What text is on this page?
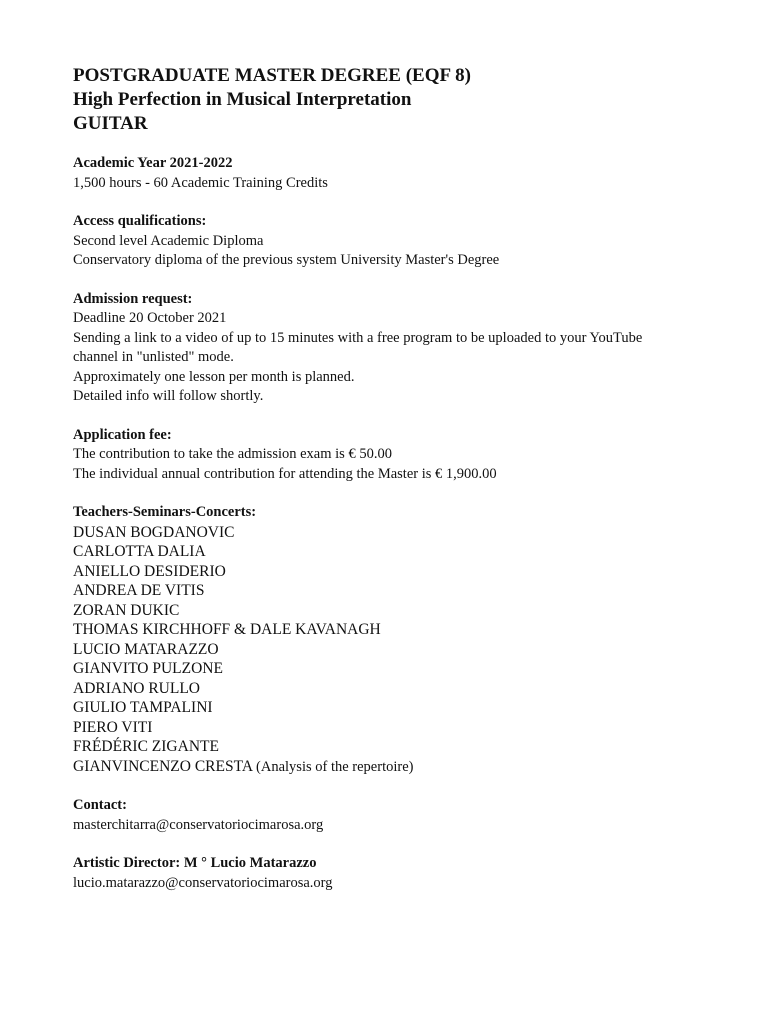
POSTGRADUATE MASTER DEGREE (EQF 8)
High Perfection in Musical Interpretation
GUITAR
Academic Year 2021-2022
1,500 hours - 60 Academic Training Credits
Access qualifications:
Second level Academic Diploma
Conservatory diploma of the previous system University Master's Degree
Admission request:
Deadline 20 October 2021
Sending a link to a video of up to 15 minutes with a free program to be uploaded to your YouTube channel in "unlisted" mode.
Approximately one lesson per month is planned.
Detailed info will follow shortly.
Application fee:
The contribution to take the admission exam is € 50.00
The individual annual contribution for attending the Master is € 1,900.00
Teachers-Seminars-Concerts:
DUSAN BOGDANOVIC
CARLOTTA DALIA
ANIELLO DESIDERIO
ANDREA DE VITIS
ZORAN DUKIC
THOMAS KIRCHHOFF & DALE KAVANAGH
LUCIO MATARAZZO
GIANVITO PULZONE
ADRIANO RULLO
GIULIO TAMPALINI
PIERO VITI
FRÉDÉRIC ZIGANTE
GIANVINCENZO CRESTA (Analysis of the repertoire)
Contact:
masterchitarra@conservatoriocimarosa.org
Artistic Director: M ° Lucio Matarazzo
lucio.matarazzo@conservatoriocimarosa.org
